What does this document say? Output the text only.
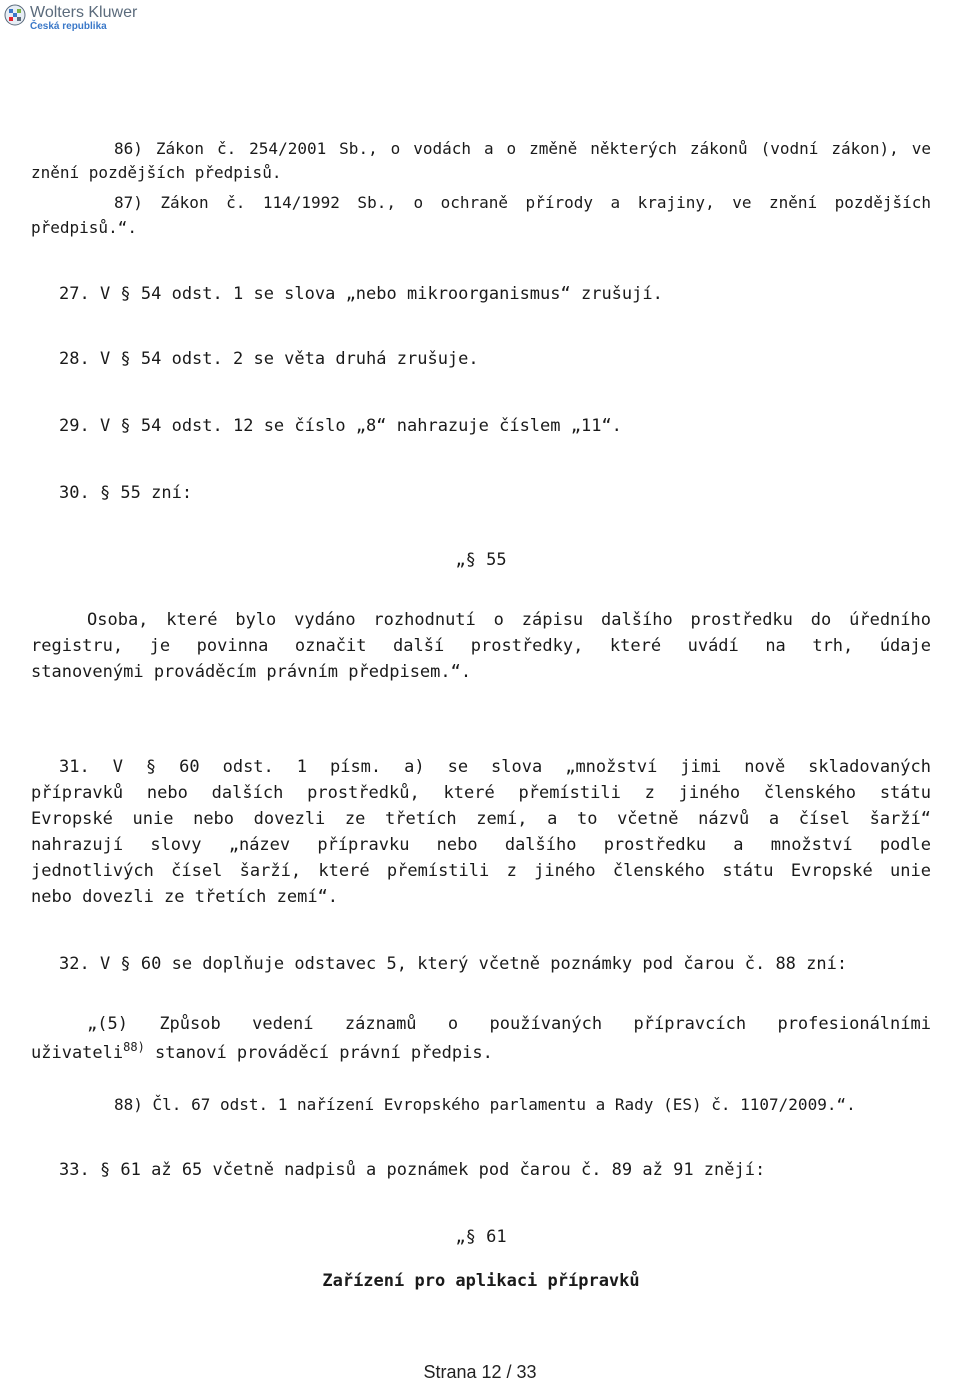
Wolters Kluwer
Česká republika
86) Zákon č. 254/2001 Sb., o vodách a o změně některých zákonů (vodní zákon), ve
znění pozdějších předpisů.
87) Zákon č. 114/1992 Sb., o ochraně přírody a krajiny, ve znění pozdějších
předpisů.“.
27. V § 54 odst. 1 se slova „nebo mikroorganismus“ zrušují.
28. V § 54 odst. 2 se věta druhá zrušuje.
29. V § 54 odst. 12 se číslo „8“ nahrazuje číslem „11“.
30. § 55 zní:
„§ 55
Osoba, které bylo vydáno rozhodnutí o zápisu dalšího prostředku do úředního
registru, je povinna označit další prostředky, které uvádí na trh, údaje
stanovenými prováděcím právním předpisem.“.
31. V § 60 odst. 1 písm. a) se slova „množství jimi nově skladovaných
přípravků nebo dalších prostředků, které přemístili z jiného členského státu
Evropské unie nebo dovezli ze třetích zemí, a to včetně názvů a čísel šarží“
nahrazují slovy „název přípravku nebo dalšího prostředku a množství podle
jednotlivých čísel šarží, které přemístili z jiného členského státu Evropské unie
nebo dovezli ze třetích zemí“.
32. V § 60 se doplňuje odstavec 5, který včetně poznámky pod čarou č. 88 zní:
„(5) Způsob vedení záznamů o používaných přípravcích profesionálními
uživateli$^{88)}$ stanoví prováděcí právní předpis.
88) Čl. 67 odst. 1 nařízení Evropského parlamentu a Rady (ES) č. 1107/2009.“.
33. § 61 až 65 včetně nadpisů a poznámek pod čarou č. 89 až 91 znějí:
„§ 61
Zařízení pro aplikaci přípravků
Strana 12 / 33
